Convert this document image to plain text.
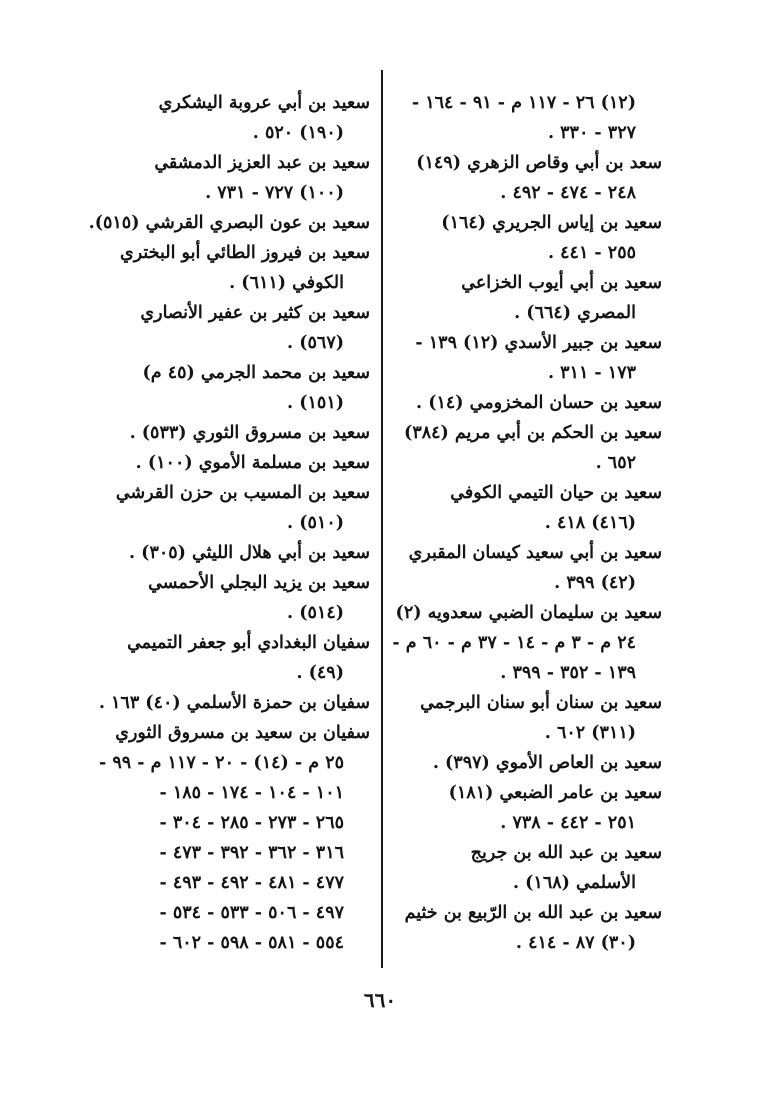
(١٢) ٢٦ - ١١٧ م - ٩١ - ١٦٤ -
٣٢٧ - ٣٣٠ .
سعد بن أبي وقاص الزهري (١٤٩)
٢٤٨ - ٤٧٤ - ٤٩٢ .
سعيد بن إياس الجريري (١٦٤)
٢٥٥ - ٤٤١ .
سعيد بن أبي أيوب الخزاعي
المصري (٦٦٤) .
سعيد بن جبير الأسدي (١٢) ١٣٩ -
١٧٣ - ٣١١ .
سعيد بن حسان المخزومي (١٤) .
سعيد بن الحكم بن أبي مريم (٣٨٤)
٦٥٢ .
سعيد بن حيان التيمي الكوفي
(٤١٦) ٤١٨ .
سعيد بن أبي سعيد كيسان المقبري
(٤٢) ٣٩٩ .
سعيد بن سليمان الضبي سعدويه (٢)
٢٤ م - ٣ م - ١٤ - ٣٧ م - ٦٠ م -
١٣٩ - ٣٥٢ - ٣٩٩ .
سعيد بن سنان أبو سنان البرجمي
(٣١١) ٦٠٢ .
سعيد بن العاص الأموي (٣٩٧) .
سعيد بن عامر الضبعي (١٨١)
٢٥١ - ٤٤٢ - ٧٣٨ .
سعيد بن عبد الله بن جريج
الأسلمي (١٦٨) .
سعيد بن عبد الله بن الرّبيع بن خثيم
(٣٠) ٨٧ - ٤١٤ .
سعيد بن أبي عروبة اليشكري
(١٩٠) ٥٢٠ .
سعيد بن عبد العزيز الدمشقي
(١٠٠) ٧٢٧ - ٧٣١ .
سعيد بن عون البصري القرشي (٥١٥).
سعيد بن فيروز الطائي أبو البختري
الكوفي (٦١١) .
سعيد بن كثير بن عفير الأنصاري
(٥٦٧) .
سعيد بن محمد الجرمي (٤٥ م)
(١٥١) .
سعيد بن مسروق الثوري (٥٣٣) .
سعيد بن مسلمة الأموي (١٠٠) .
سعيد بن المسيب بن حزن القرشي
(٥١٠) .
سعيد بن أبي هلال الليثي (٣٠٥) .
سعيد بن يزيد البجلي الأحمسي
(٥١٤) .
سفيان البغدادي أبو جعفر التميمي
(٤٩) .
سفيان بن حمزة الأسلمي (٤٠) ١٦٣ .
سفيان بن سعيد بن مسروق الثوري
٢٥ م - (١٤) - ٢٠ - ١١٧ م - ٩٩ -
١٠١ - ١٠٤ - ١٧٤ - ١٨٥ -
٢٦٥ - ٢٧٣ - ٢٨٥ - ٣٠٤ -
٣١٦ - ٣٦٢ - ٣٩٢ - ٤٧٣ -
٤٧٧ - ٤٨١ - ٤٩٢ - ٤٩٣ -
٤٩٧ - ٥٠٦ - ٥٣٣ - ٥٣٤ -
٥٥٤ - ٥٨١ - ٥٩٨ - ٦٠٢ -
٦٦٠
